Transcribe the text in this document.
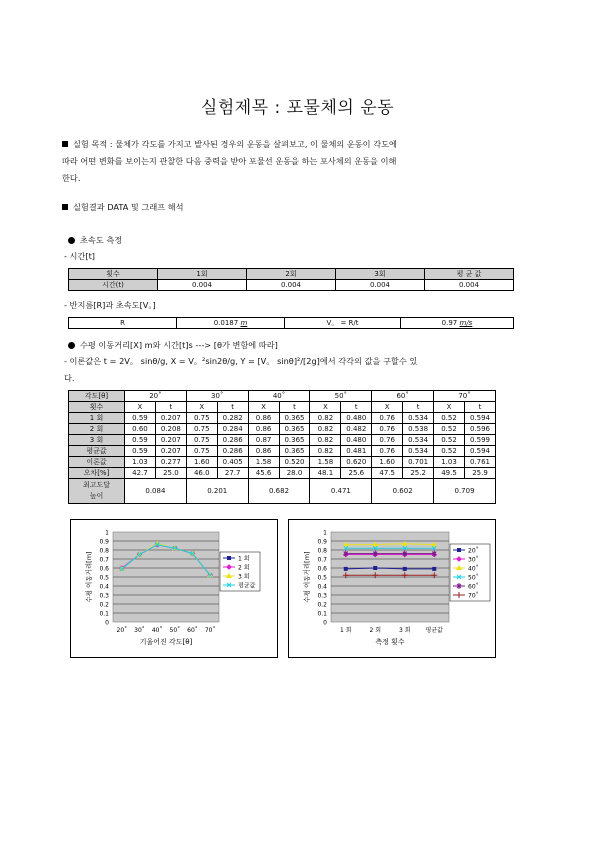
실험제목 : 포물체의 운동
실험 목적 : 물체가 각도를 가지고 발사된 경우의 운동을 살펴보고, 이 물체의 운동이 각도에
따라 어떤 변화를 보이는지 관찰한 다음 중력을 받아 포물선 운동을 하는 포사체의 운동을 이해
한다.
실험결과 DATA 및 그래프 해석
초속도 측정
- 시간[t]
횟수	1회	2회	3회	평 균 값
시간(t)	0.004	0.004	0.004	0.004
- 반지름[R]과 초속도[V。]
R	0.0187 m	V。 = R/t	0.97 m/s
수평 이동거리[X] m와 시간[t]s ---> [θ가 변함에 따라]
- 이론값은 t = 2V。 sinθ/g, X = V。²sin2θ/g, Y = [V。 sinθ]²/[2g]에서 각각의 값을 구할수 있
다.
각도[θ]	20˚		30˚		40˚		50˚		60˚		70˚	
횟수	X	t	X	t	X	t	X	t	X	t	X	t
1 회	0.59	0.207	0.75	0.282	0.86	0.365	0.82	0.480	0.76	0.534	0.52	0.594
2 회	0.60	0.208	0.75	0.284	0.86	0.365	0.82	0.482	0.76	0.538	0.52	0.596
3 회	0.59	0.207	0.75	0.286	0.87	0.365	0.82	0.480	0.76	0.534	0.52	0.599
평균값	0.59	0.207	0.75	0.286	0.86	0.365	0.82	0.481	0.76	0.534	0.52	0.594
이론값	1.03	0.277	1.60	0.405	1.58	0.520	1.58	0.620	1.60	0.701	1.03	0.761
오차[%]	42.7	25.0	46.0	27.7	45.6	28.0	48.1	25.6	47.5	25.2	49.5	25.9
최고도달
높이	0.084		0.201		0.682		0.471		0.602		0.709	
0
0.1
0.2
0.3
0.4
0.5
0.6
0.7
0.8
0.9
1
20˚ 30˚ 40˚ 50˚ 60˚ 70˚
기울어진 각도[θ]
수평 이동거리[m]	1 회
2 회
3 회
평균값
0
0.1
0.2
0.3
0.4
0.5
0.6
0.7
0.8
0.9
1
1 회	2 회	3 회	평균값
측정 횟수
수평 이동거리[m]
20˚
30˚
40˚
50˚
60˚
70˚
